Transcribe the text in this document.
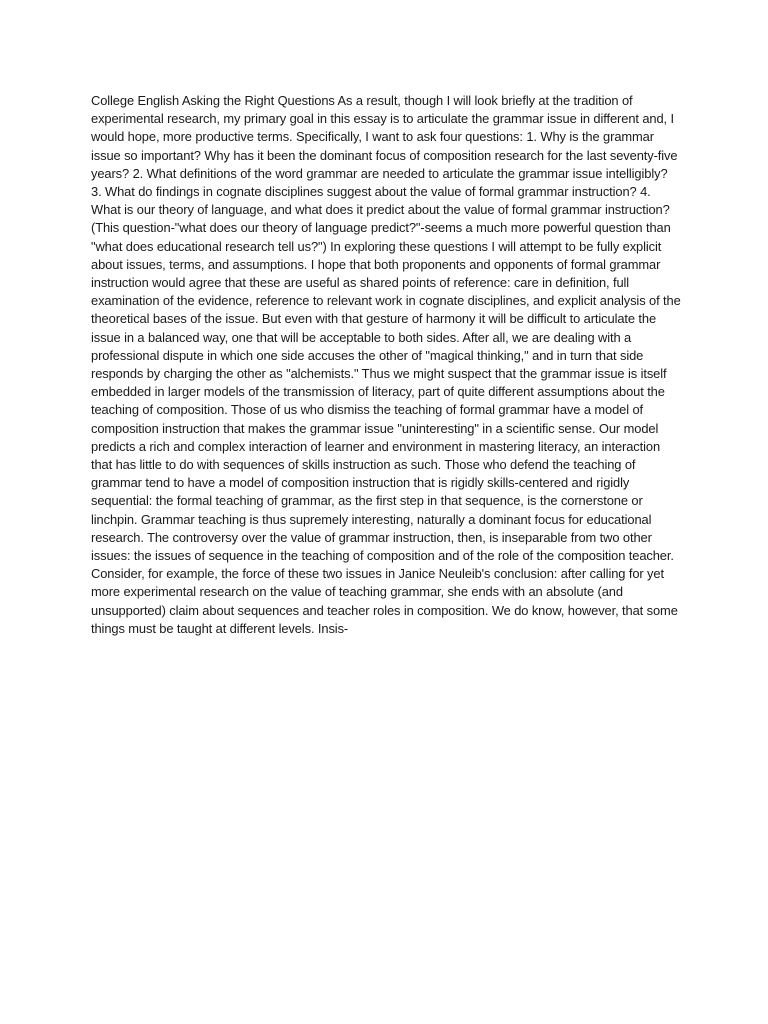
College English Asking the Right Questions As a result, though I will look briefly at the tradition of experimental research, my primary goal in this essay is to articulate the grammar issue in different and, I would hope, more productive terms. Specifically, I want to ask four questions: 1. Why is the grammar issue so important? Why has it been the dominant focus of composition research for the last seventy-five years? 2. What definitions of the word grammar are needed to articulate the grammar issue intelligibly? 3. What do findings in cognate disciplines suggest about the value of formal grammar instruction? 4. What is our theory of language, and what does it predict about the value of formal grammar instruction? (This question-"what does our theory of language predict?"-seems a much more powerful question than "what does educational research tell us?") In exploring these questions I will attempt to be fully explicit about issues, terms, and assumptions. I hope that both proponents and opponents of formal grammar instruction would agree that these are useful as shared points of reference: care in definition, full examination of the evidence, reference to relevant work in cognate disciplines, and explicit analysis of the theoretical bases of the issue. But even with that gesture of harmony it will be difficult to articulate the issue in a balanced way, one that will be acceptable to both sides. After all, we are dealing with a professional dispute in which one side accuses the other of "magical thinking," and in turn that side responds by charging the other as "alchemists." Thus we might suspect that the grammar issue is itself embedded in larger models of the transmission of literacy, part of quite different assumptions about the teaching of composition. Those of us who dismiss the teaching of formal grammar have a model of composition instruction that makes the grammar issue "uninteresting" in a scientific sense. Our model predicts a rich and complex interaction of learner and environment in mastering literacy, an interaction that has little to do with sequences of skills instruction as such. Those who defend the teaching of grammar tend to have a model of composition instruction that is rigidly skills-centered and rigidly sequential: the formal teaching of grammar, as the first step in that sequence, is the cornerstone or linchpin. Grammar teaching is thus supremely interesting, naturally a dominant focus for educational research. The controversy over the value of grammar instruction, then, is inseparable from two other issues: the issues of sequence in the teaching of composition and of the role of the composition teacher. Consider, for example, the force of these two issues in Janice Neuleib's conclusion: after calling for yet more experimental research on the value of teaching grammar, she ends with an absolute (and unsupported) claim about sequences and teacher roles in composition. We do know, however, that some things must be taught at different levels. Insis-
